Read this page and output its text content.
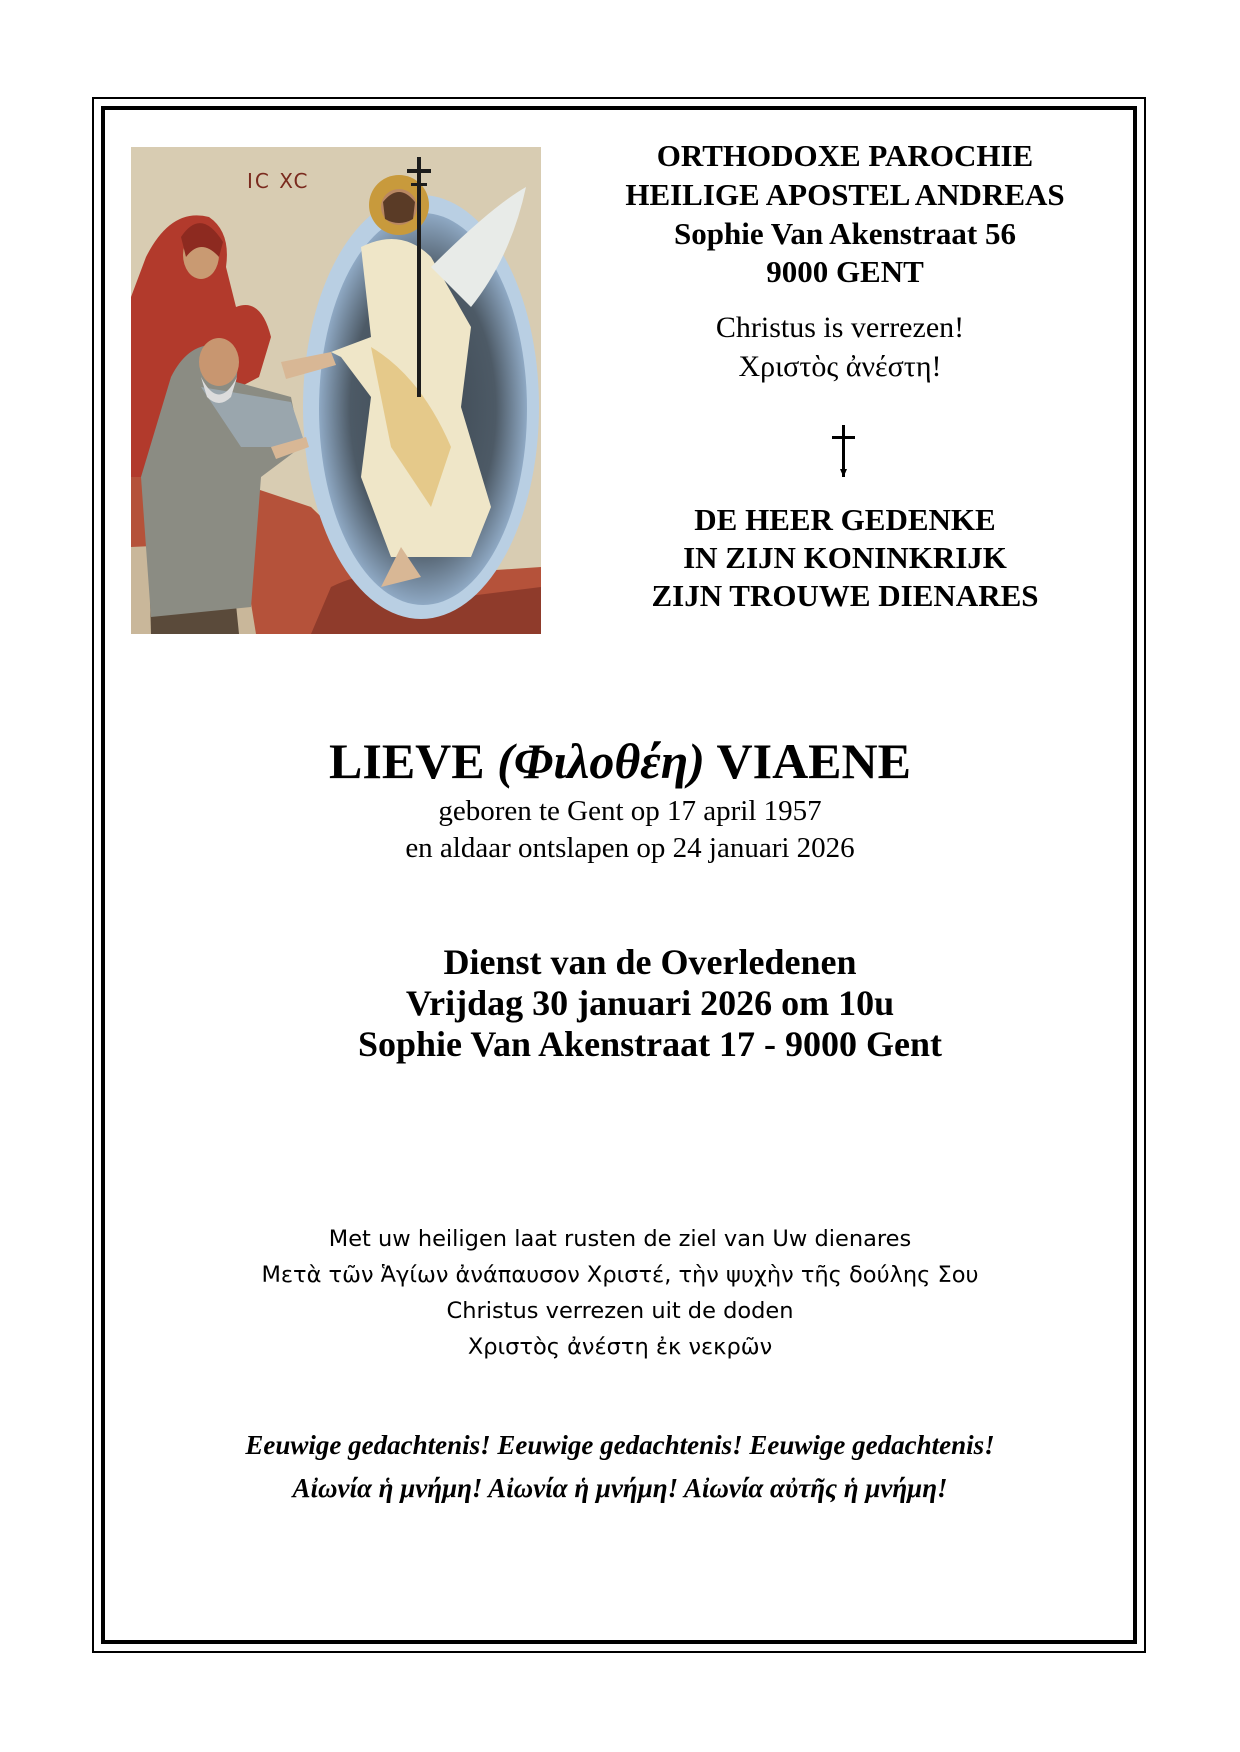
IC XC
ORTHODOXE PAROCHIE
HEILIGE APOSTEL ANDREAS
Sophie Van Akenstraat 56
9000 GENT
Christus is verrezen!
Χριστὸς ἀνέστη!
DE HEER GEDENKE
IN ZIJN KONINKRIJK
ZIJN TROUWE DIENARES
LIEVE (Φιλοθέη) VIAENE
geboren te Gent op 17 april 1957
en aldaar ontslapen op 24 januari 2026
Dienst van de Overledenen
Vrijdag 30 januari 2026 om 10u
Sophie Van Akenstraat 17 - 9000 Gent
Met uw heiligen laat rusten de ziel van Uw dienares
Μετὰ τῶν Ἁγίων ἀνάπαυσον Χριστέ, τὴν ψυχὴν τῆς δούλης Σου
Christus verrezen uit de doden
Χριστὸς ἀνέστη ἐκ νεκρῶν
Eeuwige gedachtenis! Eeuwige gedachtenis! Eeuwige gedachtenis!
Αἰωνία ἡ μνήμη! Αἰωνία ἡ μνήμη! Αἰωνία αὐτῆς ἡ μνήμη!
